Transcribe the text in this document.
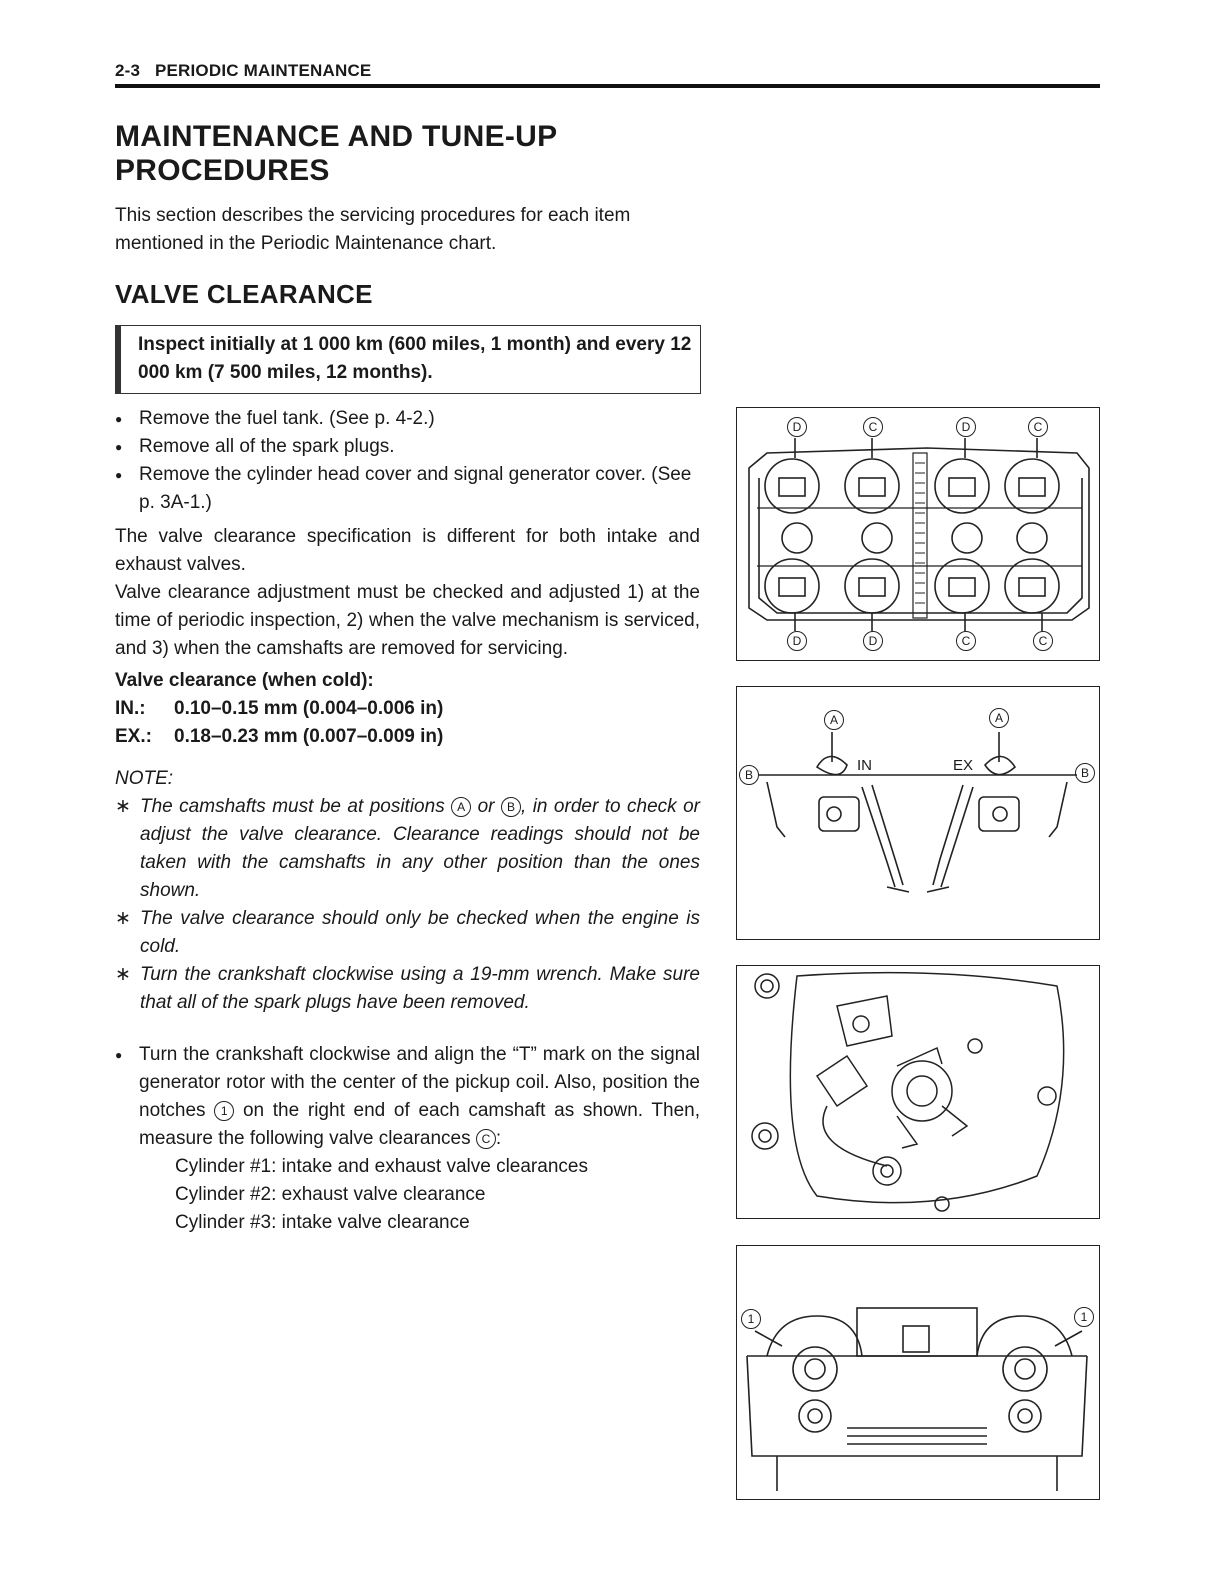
2-3 PERIODIC MAINTENANCE
MAINTENANCE AND TUNE-UP PROCEDURES
This section describes the servicing procedures for each item mentioned in the Periodic Maintenance chart.
VALVE CLEARANCE
Inspect initially at 1 000 km (600 miles, 1 month) and every 12 000 km (7 500 miles, 12 months).
● Remove the fuel tank. (See p. 4-2.)
● Remove all of the spark plugs.
● Remove the cylinder head cover and signal generator cover. (See p. 3A-1.)
The valve clearance specification is different for both intake and exhaust valves.
Valve clearance adjustment must be checked and adjusted 1) at the time of periodic inspection, 2) when the valve mechanism is serviced, and 3) when the camshafts are removed for servicing.
Valve clearance (when cold):
IN.: 0.10–0.15 mm (0.004–0.006 in)
EX.: 0.18–0.23 mm (0.007–0.009 in)
NOTE:
∗ The camshafts must be at positions A or B , in order to check or adjust the valve clearance. Clearance readings should not be taken with the camshafts in any other position than the ones shown.
∗ The valve clearance should only be checked when the engine is cold.
∗ Turn the crankshaft clockwise using a 19-mm wrench. Make sure that all of the spark plugs have been removed.
● Turn the crankshaft clockwise and align the “T” mark on the signal generator rotor with the center of the pickup coil. Also, position the notches 1 on the right end of each camshaft as shown. Then, measure the following valve clearances C :
Cylinder #1: intake and exhaust valve clearances
Cylinder #2: exhaust valve clearance
Cylinder #3: intake valve clearance
D	C	D	C
D	D	C	C
A	A
B	B
IN	EX
1	1
